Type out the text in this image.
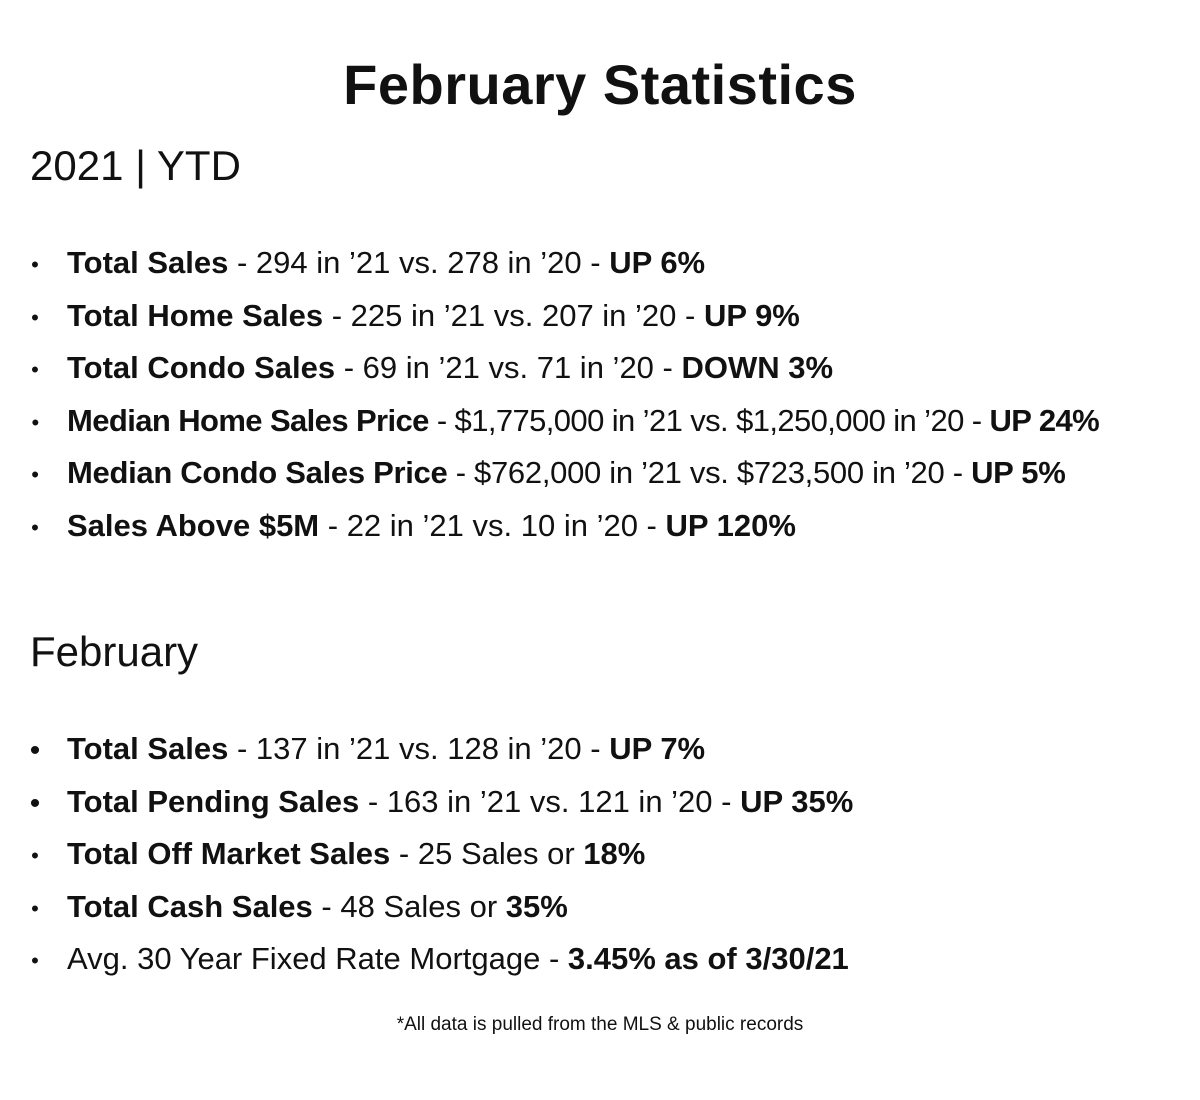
February Statistics
2021 | YTD
• Total Sales - 294 in ’21 vs. 278 in ’20 - UP 6%
• Total Home Sales - 225 in ’21 vs. 207 in ’20 - UP 9%
• Total Condo Sales - 69 in ’21 vs. 71 in ’20 - DOWN 3%
• Median Home Sales Price - $1,775,000 in ’21 vs. $1,250,000 in ’20 - UP 24%
• Median Condo Sales Price - $762,000 in ’21 vs. $723,500 in ’20 - UP 5%
• Sales Above $5M - 22 in ’21 vs. 10 in ’20 - UP 120%
February
• Total Sales - 137 in ’21 vs. 128 in ’20 - UP 7%
• Total Pending Sales - 163 in ’21 vs. 121 in ’20 - UP 35%
• Total Off Market Sales - 25 Sales or 18%
• Total Cash Sales - 48 Sales or 35%
• Avg. 30 Year Fixed Rate Mortgage - 3.45% as of 3/30/21
*All data is pulled from the MLS & public records
